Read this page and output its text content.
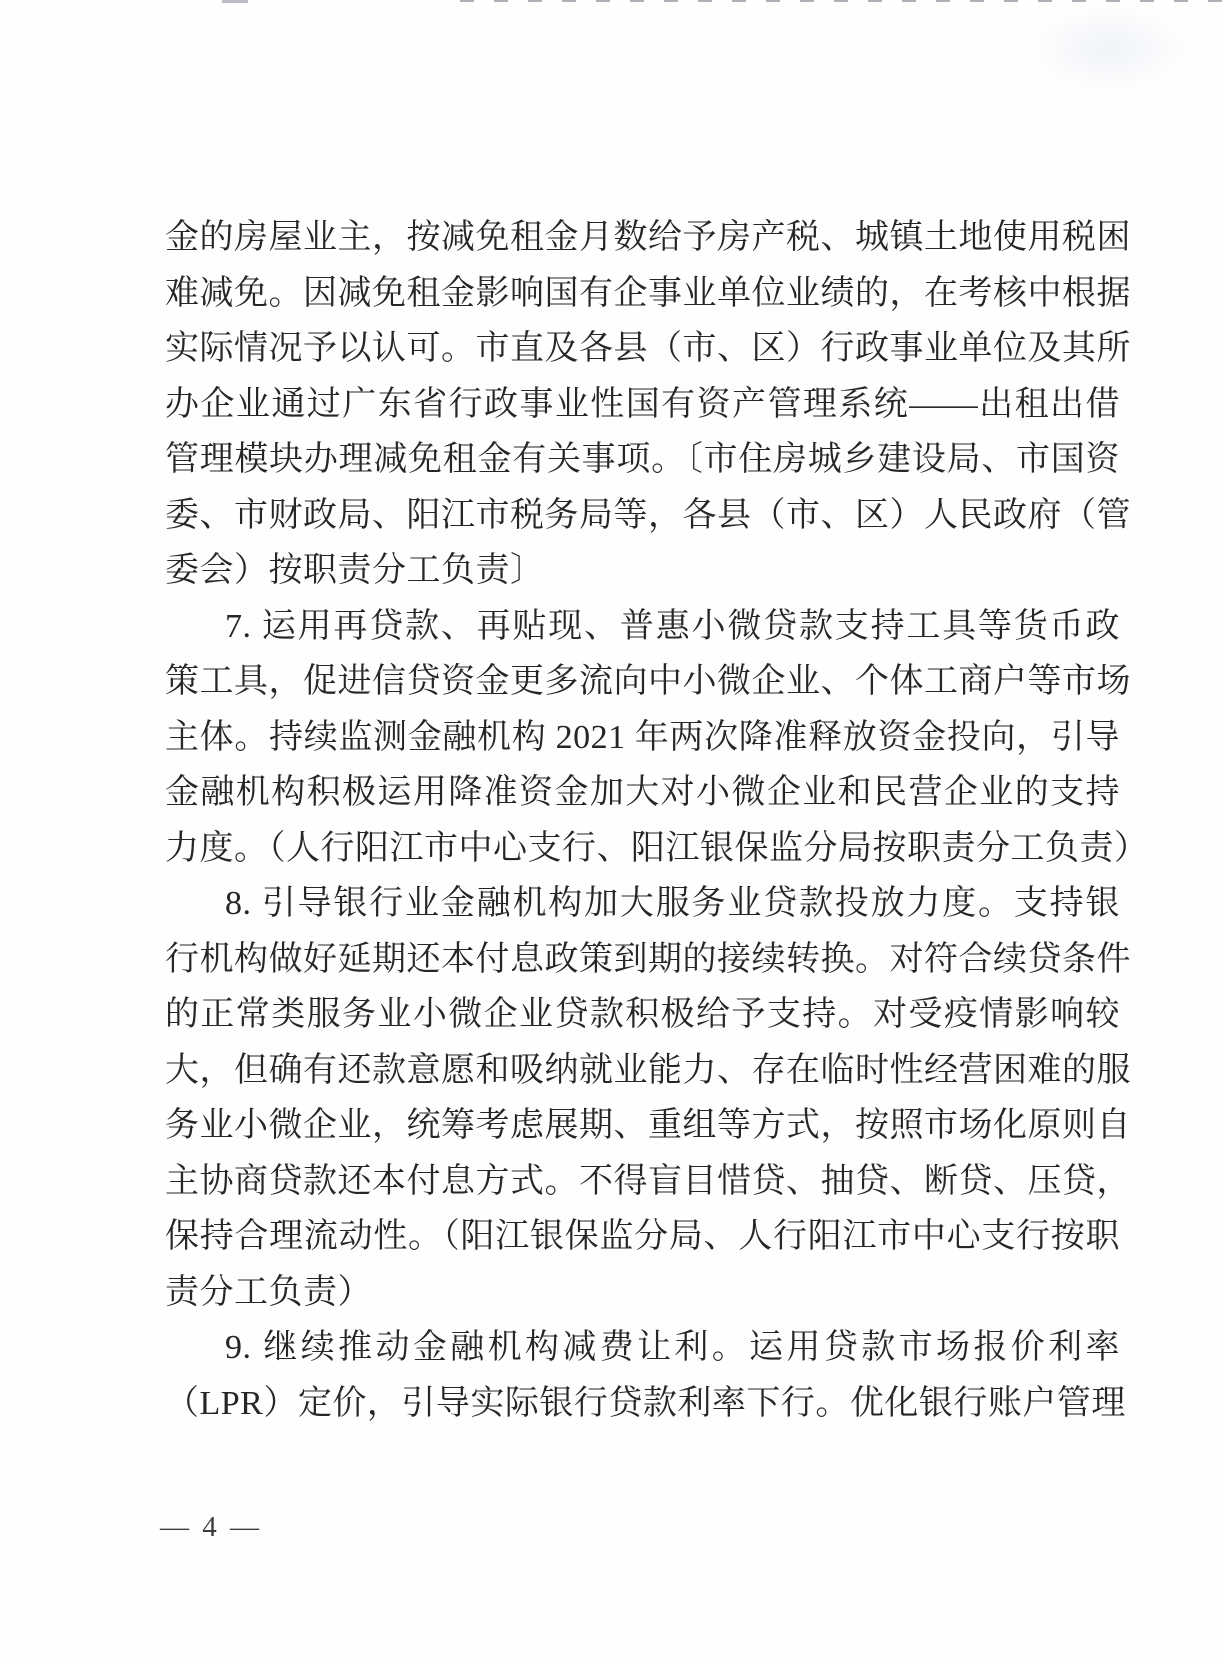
金的房屋业主，按减免租金月数给予房产税、城镇土地使用税困
难减免。因减免租金影响国有企事业单位业绩的，在考核中根据
实际情况予以认可。市直及各县（市、区）行政事业单位及其所
办企业通过广东省行政事业性国有资产管理系统——出租出借
管理模块办理减免租金有关事项。〔市住房城乡建设局、市国资
委、市财政局、阳江市税务局等，各县（市、区）人民政府（管
委会）按职责分工负责〕
7. 运用再贷款、再贴现、普惠小微贷款支持工具等货币政
策工具，促进信贷资金更多流向中小微企业、个体工商户等市场
主体。持续监测金融机构 2021 年两次降准释放资金投向，引导
金融机构积极运用降准资金加大对小微企业和民营企业的支持
力度。（人行阳江市中心支行、阳江银保监分局按职责分工负责）
8. 引导银行业金融机构加大服务业贷款投放力度。支持银
行机构做好延期还本付息政策到期的接续转换。对符合续贷条件
的正常类服务业小微企业贷款积极给予支持。对受疫情影响较
大，但确有还款意愿和吸纳就业能力、存在临时性经营困难的服
务业小微企业，统筹考虑展期、重组等方式，按照市场化原则自
主协商贷款还本付息方式。不得盲目惜贷、抽贷、断贷、压贷，
保持合理流动性。（阳江银保监分局、人行阳江市中心支行按职
责分工负责）
9. 继续推动金融机构减费让利。运用贷款市场报价利率
（LPR）定价，引导实际银行贷款利率下行。优化银行账户管理
— 4 —
